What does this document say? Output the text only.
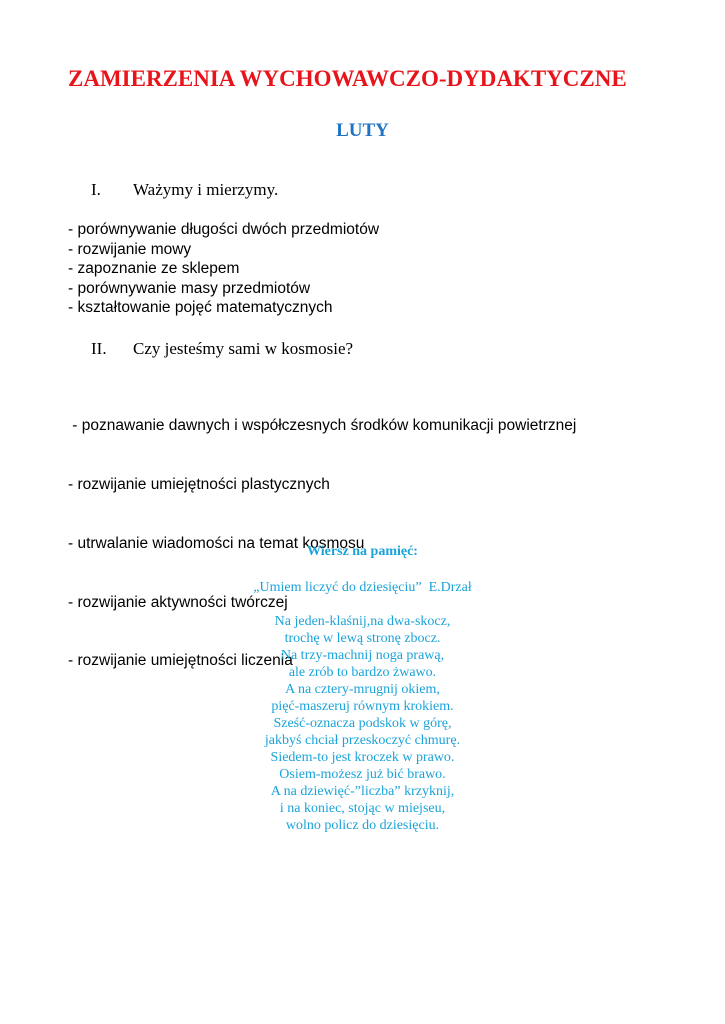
ZAMIERZENIA WYCHOWAWCZO-DYDAKTYCZNE
LUTY
I. Ważymy i mierzymy.
- porównywanie długości dwóch przedmiotów
- rozwijanie mowy
- zapoznanie ze sklepem
- porównywanie masy przedmiotów
- kształtowanie pojęć matematycznych
II. Czy jesteśmy sami w kosmosie?

- poznawanie dawnych i współczesnych środków komunikacji powietrznej

- rozwijanie umiejętności plastycznych

- utrwalanie wiadomości na temat kosmosu

- rozwijanie aktywności twórczej

- rozwijanie umiejętności liczenia

Wiersz na pamięć:
„Umiem liczyć do dziesięciu”  E.Drzał
Na jeden-klaśnij,na dwa-skocz,
trochę w lewą stronę zbocz.
Na trzy-machnij noga prawą,
ale zrób to bardzo żwawo.
A na cztery-mrugnij okiem,
pięć-maszeruj równym krokiem.
Sześć-oznacza podskok w górę,
jakbyś chciał przeskoczyć chmurę.
Siedem-to jest kroczek w prawo.
Osiem-możesz już bić brawo.
A na dziewięć-”liczba” krzyknij,
i na koniec, stojąc w miejseu,
wolno policz do dziesięciu.
